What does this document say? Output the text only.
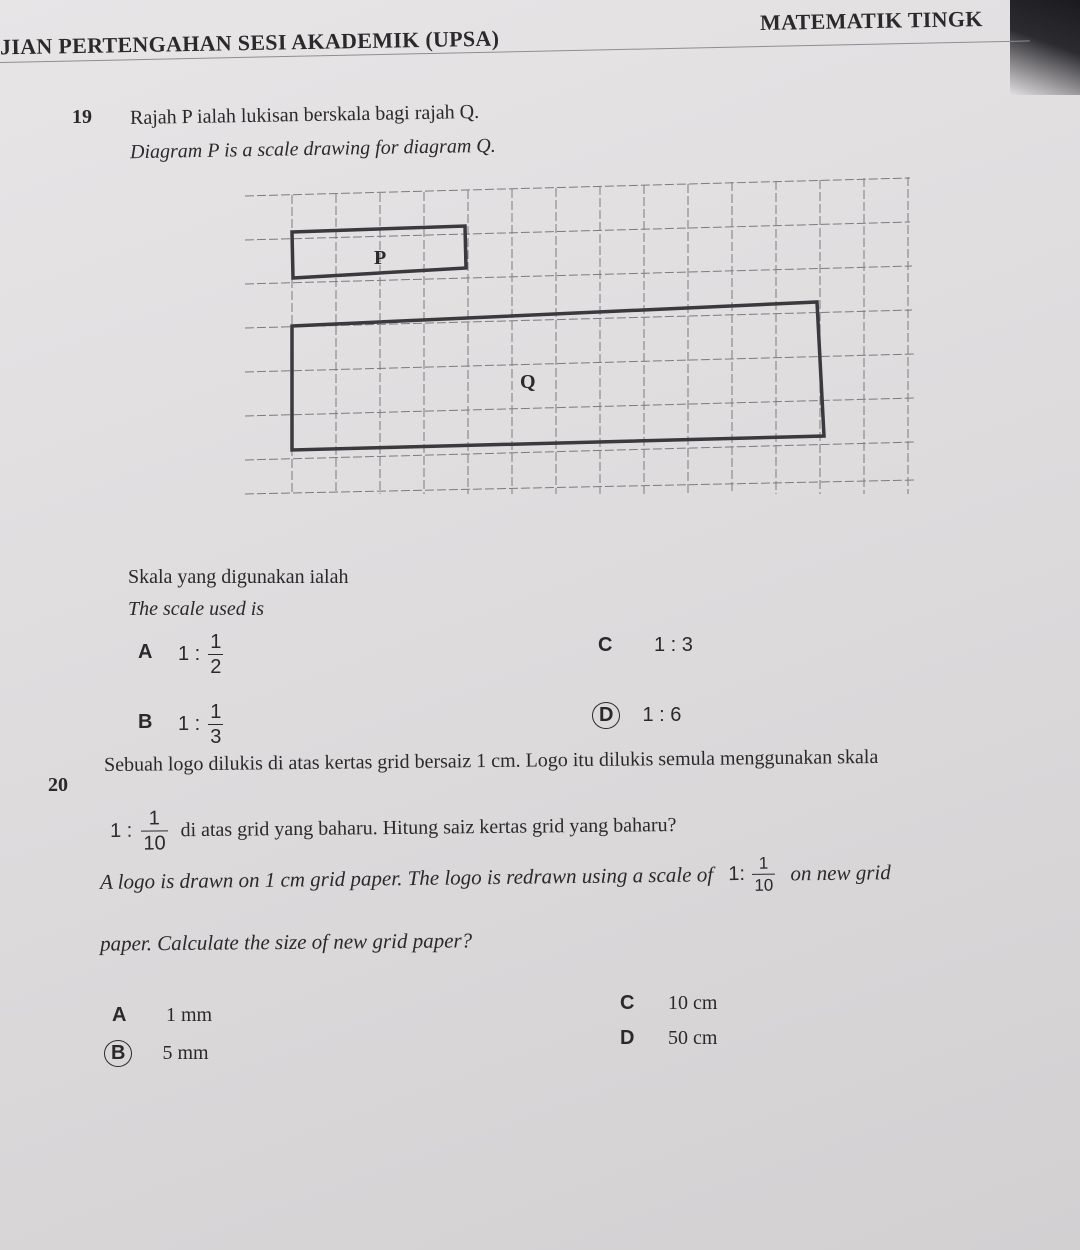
JIAN PERTENGAHAN SESI AKADEMIK (UPSA)
MATEMATIK TINGK
19 Rajah P ialah lukisan berskala bagi rajah Q.
Diagram P is a scale drawing for diagram Q.
P
Q
Skala yang digunakan ialah
The scale used is
A 1 : $\frac{1}{2}$
B 1 : $\frac{1}{3}$
C 1 : 3
D 1 : 6
20
Sebuah logo dilukis di atas kertas grid bersaiz 1 cm. Logo itu dilukis semula menggunakan skala
1 : $\frac{1}{10}$ di atas grid yang baharu. Hitung saiz kertas grid yang baharu?
A logo is drawn on 1 cm grid paper. The logo is redrawn using a scale of 1: $\frac{1}{10}$ on new grid
paper. Calculate the size of new grid paper?
A 1 mm
B 5 mm
C 10 cm
D 50 cm
